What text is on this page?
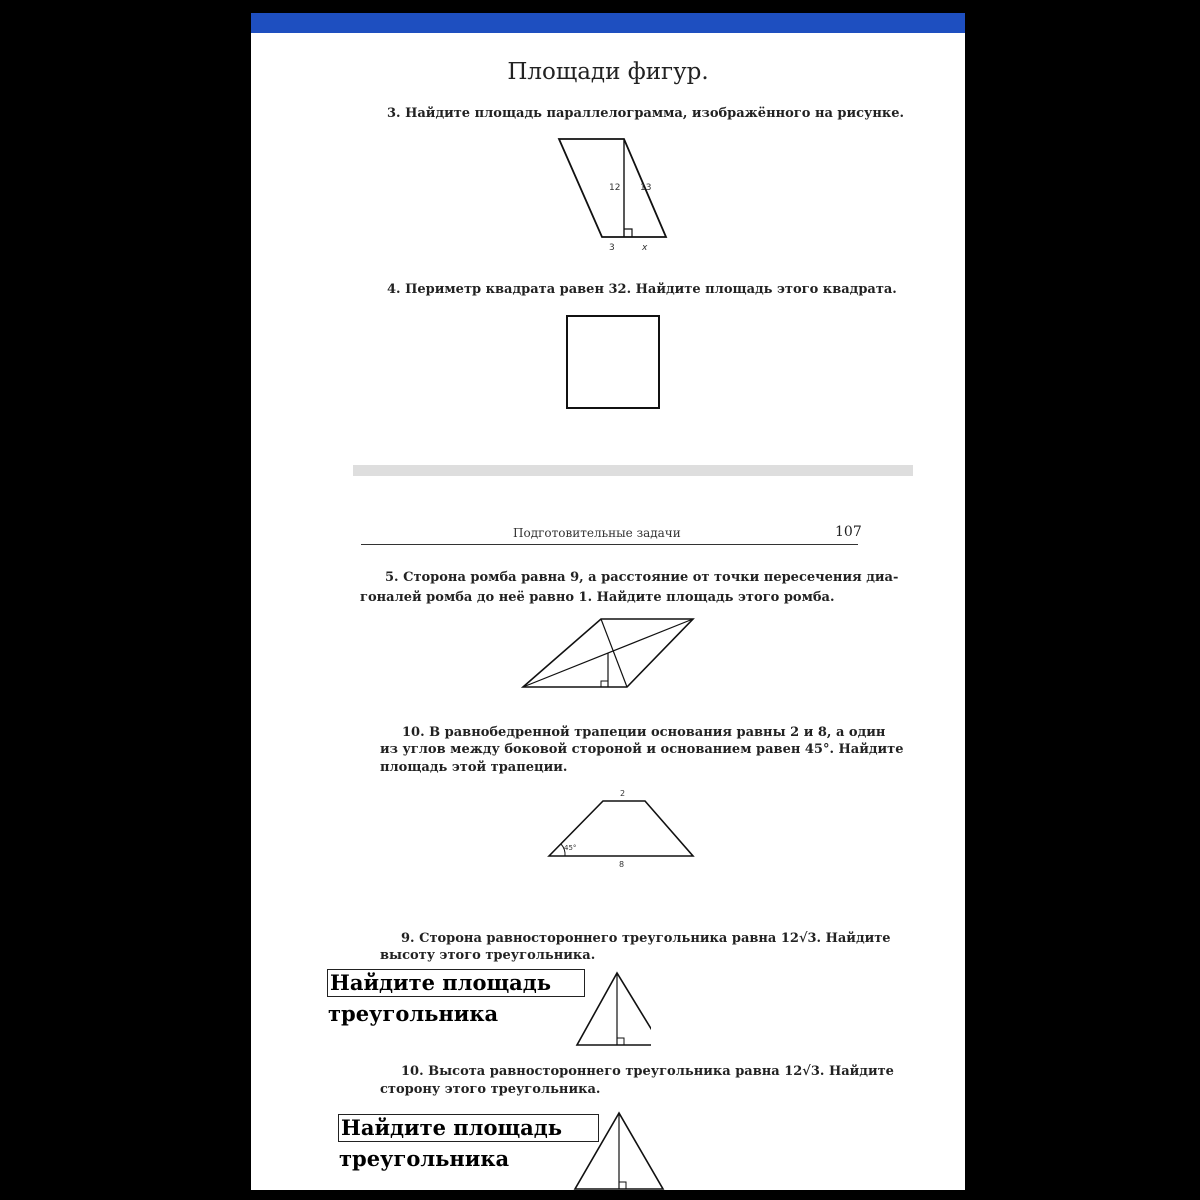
Площади фигур.
3. Найдите площадь параллелограмма, изображённого на рисунке.
12 13
3	x
4. Периметр квадрата равен 32. Найдите площадь этого квадрата.
Подготовительные задачи	107
5. Сторона ромба равна 9, а расстояние от точки пересечения диа-
гоналей ромба до неё равно 1. Найдите площадь этого ромба.
10. В равнобедренной трапеции основания равны 2 и 8, а один
из углов между боковой стороной и основанием равен 45°. Найдите
площадь этой трапеции.
2
8
45°
9. Сторона равностороннего треугольника равна 12√3. Найдите
высоту этого треугольника.
Найдите площадь
треугольника
10. Высота равностороннего треугольника равна 12√3. Найдите
сторону этого треугольника.
Найдите площадь
треугольника
